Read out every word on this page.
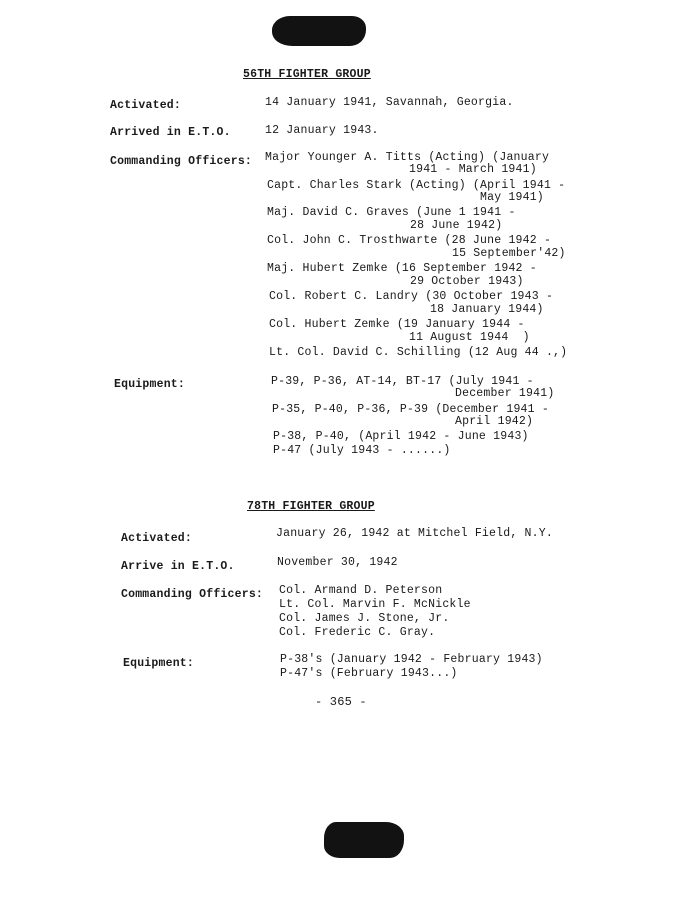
56TH FIGHTER GROUP
Activated:	14 January 1941, Savannah, Georgia.
Arrived in E.T.O.	12 January 1943.
Commanding Officers: Major Younger A. Titts (Acting) (January
1941 - March 1941)
Capt. Charles Stark (Acting) (April 1941 -
May 1941)
Maj. David C. Graves (June 1 1941 -
28 June 1942)
Col. John C. Trosthwarte (28 June 1942 -
15 September'42)
Maj. Hubert Zemke (16 September 1942 -
29 October 1943)
Col. Robert C. Landry (30 October 1943 -
18 January 1944)
Col. Hubert Zemke (19 January 1944 -
11 August 1944  )
Lt. Col. David C. Schilling (12 Aug 44 .,)
Equipment:	P-39, P-36, AT-14, BT-17 (July 1941 -
December 1941)
P-35, P-40, P-36, P-39 (December 1941 -
April 1942)
P-38, P-40, (April 1942 - June 1943)
P-47 (July 1943 - ......)
78TH FIGHTER GROUP
Activated:	January 26, 1942 at Mitchel Field, N.Y.
Arrive in E.T.O.	November 30, 1942
Commanding Officers: Col. Armand D. Peterson
Lt. Col. Marvin F. McNickle
Col. James J. Stone, Jr.
Col. Frederic C. Gray.
Equipment:	P-38's (January 1942 - February 1943)
P-47's (February 1943...)
- 365 -
